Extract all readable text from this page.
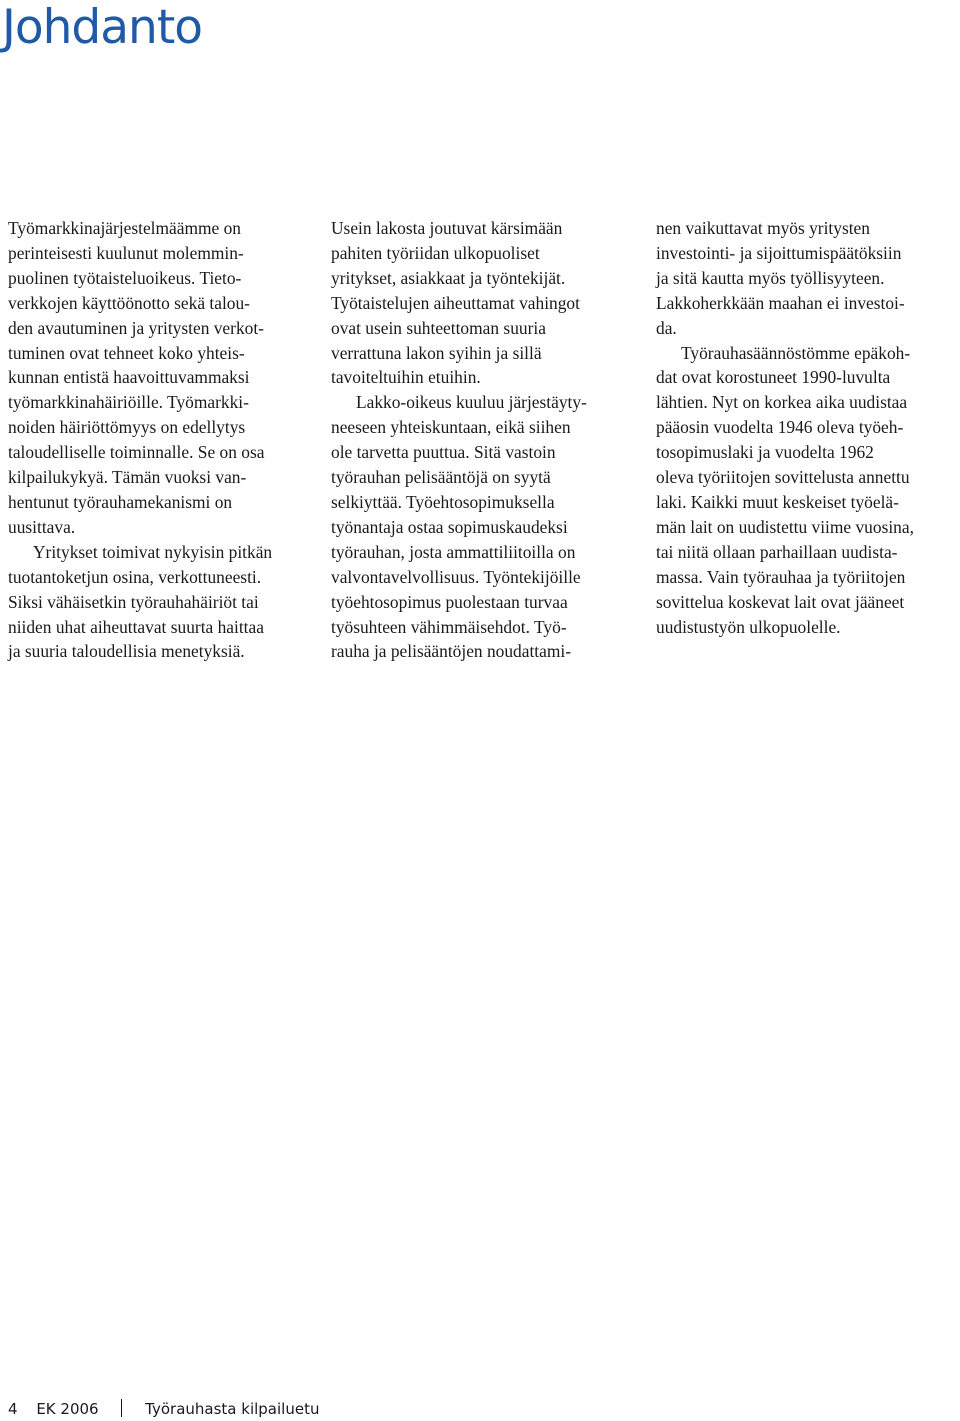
Johdanto

Työmarkkinajärjestelmäämme on
perinteisesti kuulunut molemmin-
puolinen työtaisteluoikeus. Tieto-
verkkojen käyttöönotto sekä talou-
den avautuminen ja yritysten verkot-
tuminen ovat tehneet koko yhteis-
kunnan entistä haavoittuvammaksi
työmarkkinahäiriöille. Työmarkki-
noiden häiriöttömyys on edellytys
taloudelliselle toiminnalle. Se on osa
kilpailukykyä. Tämän vuoksi van-
hentunut työrauhamekanismi on
uusittava.

Yritykset toimivat nykyisin pitkän
tuotantoketjun osina, verkottuneesti.
Siksi vähäisetkin työrauhahäiriöt tai
niiden uhat aiheuttavat suurta haittaa
ja suuria taloudellisia menetyksiä.

Usein lakosta joutuvat kärsimään
pahiten työriidan ulkopuoliset
yritykset, asiakkaat ja työntekijät.
Työtaistelujen aiheuttamat vahingot
ovat usein suhteettoman suuria
verrattuna lakon syihin ja sillä
tavoiteltuihin etuihin.

Lakko-oikeus kuuluu järjestäyty-
neeseen yhteiskuntaan, eikä siihen
ole tarvetta puuttua. Sitä vastoin
työrauhan pelisääntöjä on syytä
selkiyttää. Työehtosopimuksella
työnantaja ostaa sopimuskaudeksi
työrauhan, josta ammattiliitoilla on
valvontavelvollisuus. Työntekijöille
työehtosopimus puolestaan turvaa
työsuhteen vähimmäisehdot. Työ-
rauha ja pelisääntöjen noudattami-

nen vaikuttavat myös yritysten
investointi- ja sijoittumispäätöksiin
ja sitä kautta myös työllisyyteen.
Lakkoherkkään maahan ei investoi-
da.

Työrauhasäännöstömme epäkoh-
dat ovat korostuneet 1990-luvulta
lähtien. Nyt on korkea aika uudistaa
pääosin vuodelta 1946 oleva työeh-
tosopimuslaki ja vuodelta 1962
oleva työriitojen sovittelusta annettu
laki. Kaikki muut keskeiset työelä-
män lait on uudistettu viime vuosina,
tai niitä ollaan parhaillaan uudista-
massa. Vain työrauhaa ja työriitojen
sovittelua koskevat lait ovat jääneet
uudistustyön ulkopuolelle.

4 EK 2006	Työrauhasta kilpailuetu
